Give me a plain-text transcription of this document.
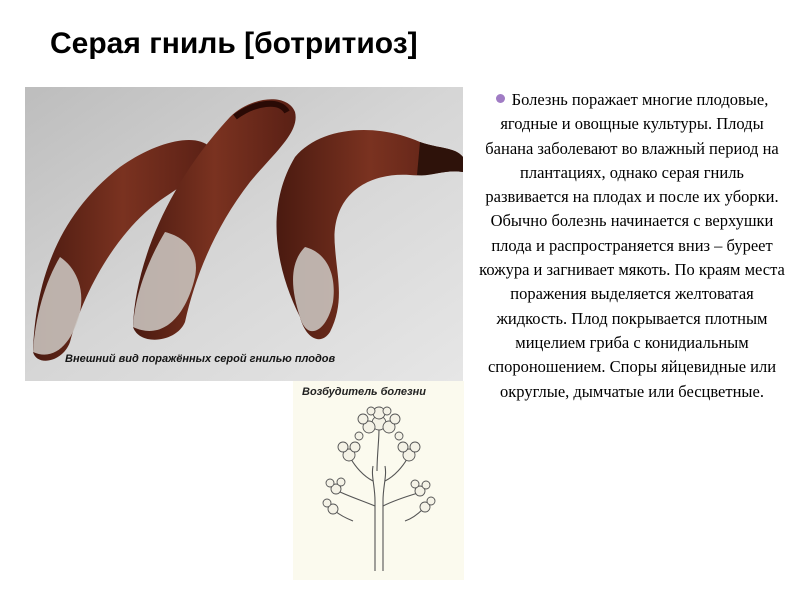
Серая гниль [ботритиоз]
Внешний вид поражённых серой гнилью плодов
Возбудитель болезни
Болезнь поражает многие плодовые, ягодные и овощные культуры. Плоды банана заболевают во влажный период на плантациях, однако серая гниль развивается на плодах и после их уборки. Обычно болезнь начинается с верхушки плода и распространяется вниз – буреет кожура и загнивает мякоть. По краям места поражения выделяется желтоватая жидкость. Плод покрывается плотным мицелием гриба с конидиальным спороношением. Споры яйцевидные или округлые, дымчатые или бесцветные.
